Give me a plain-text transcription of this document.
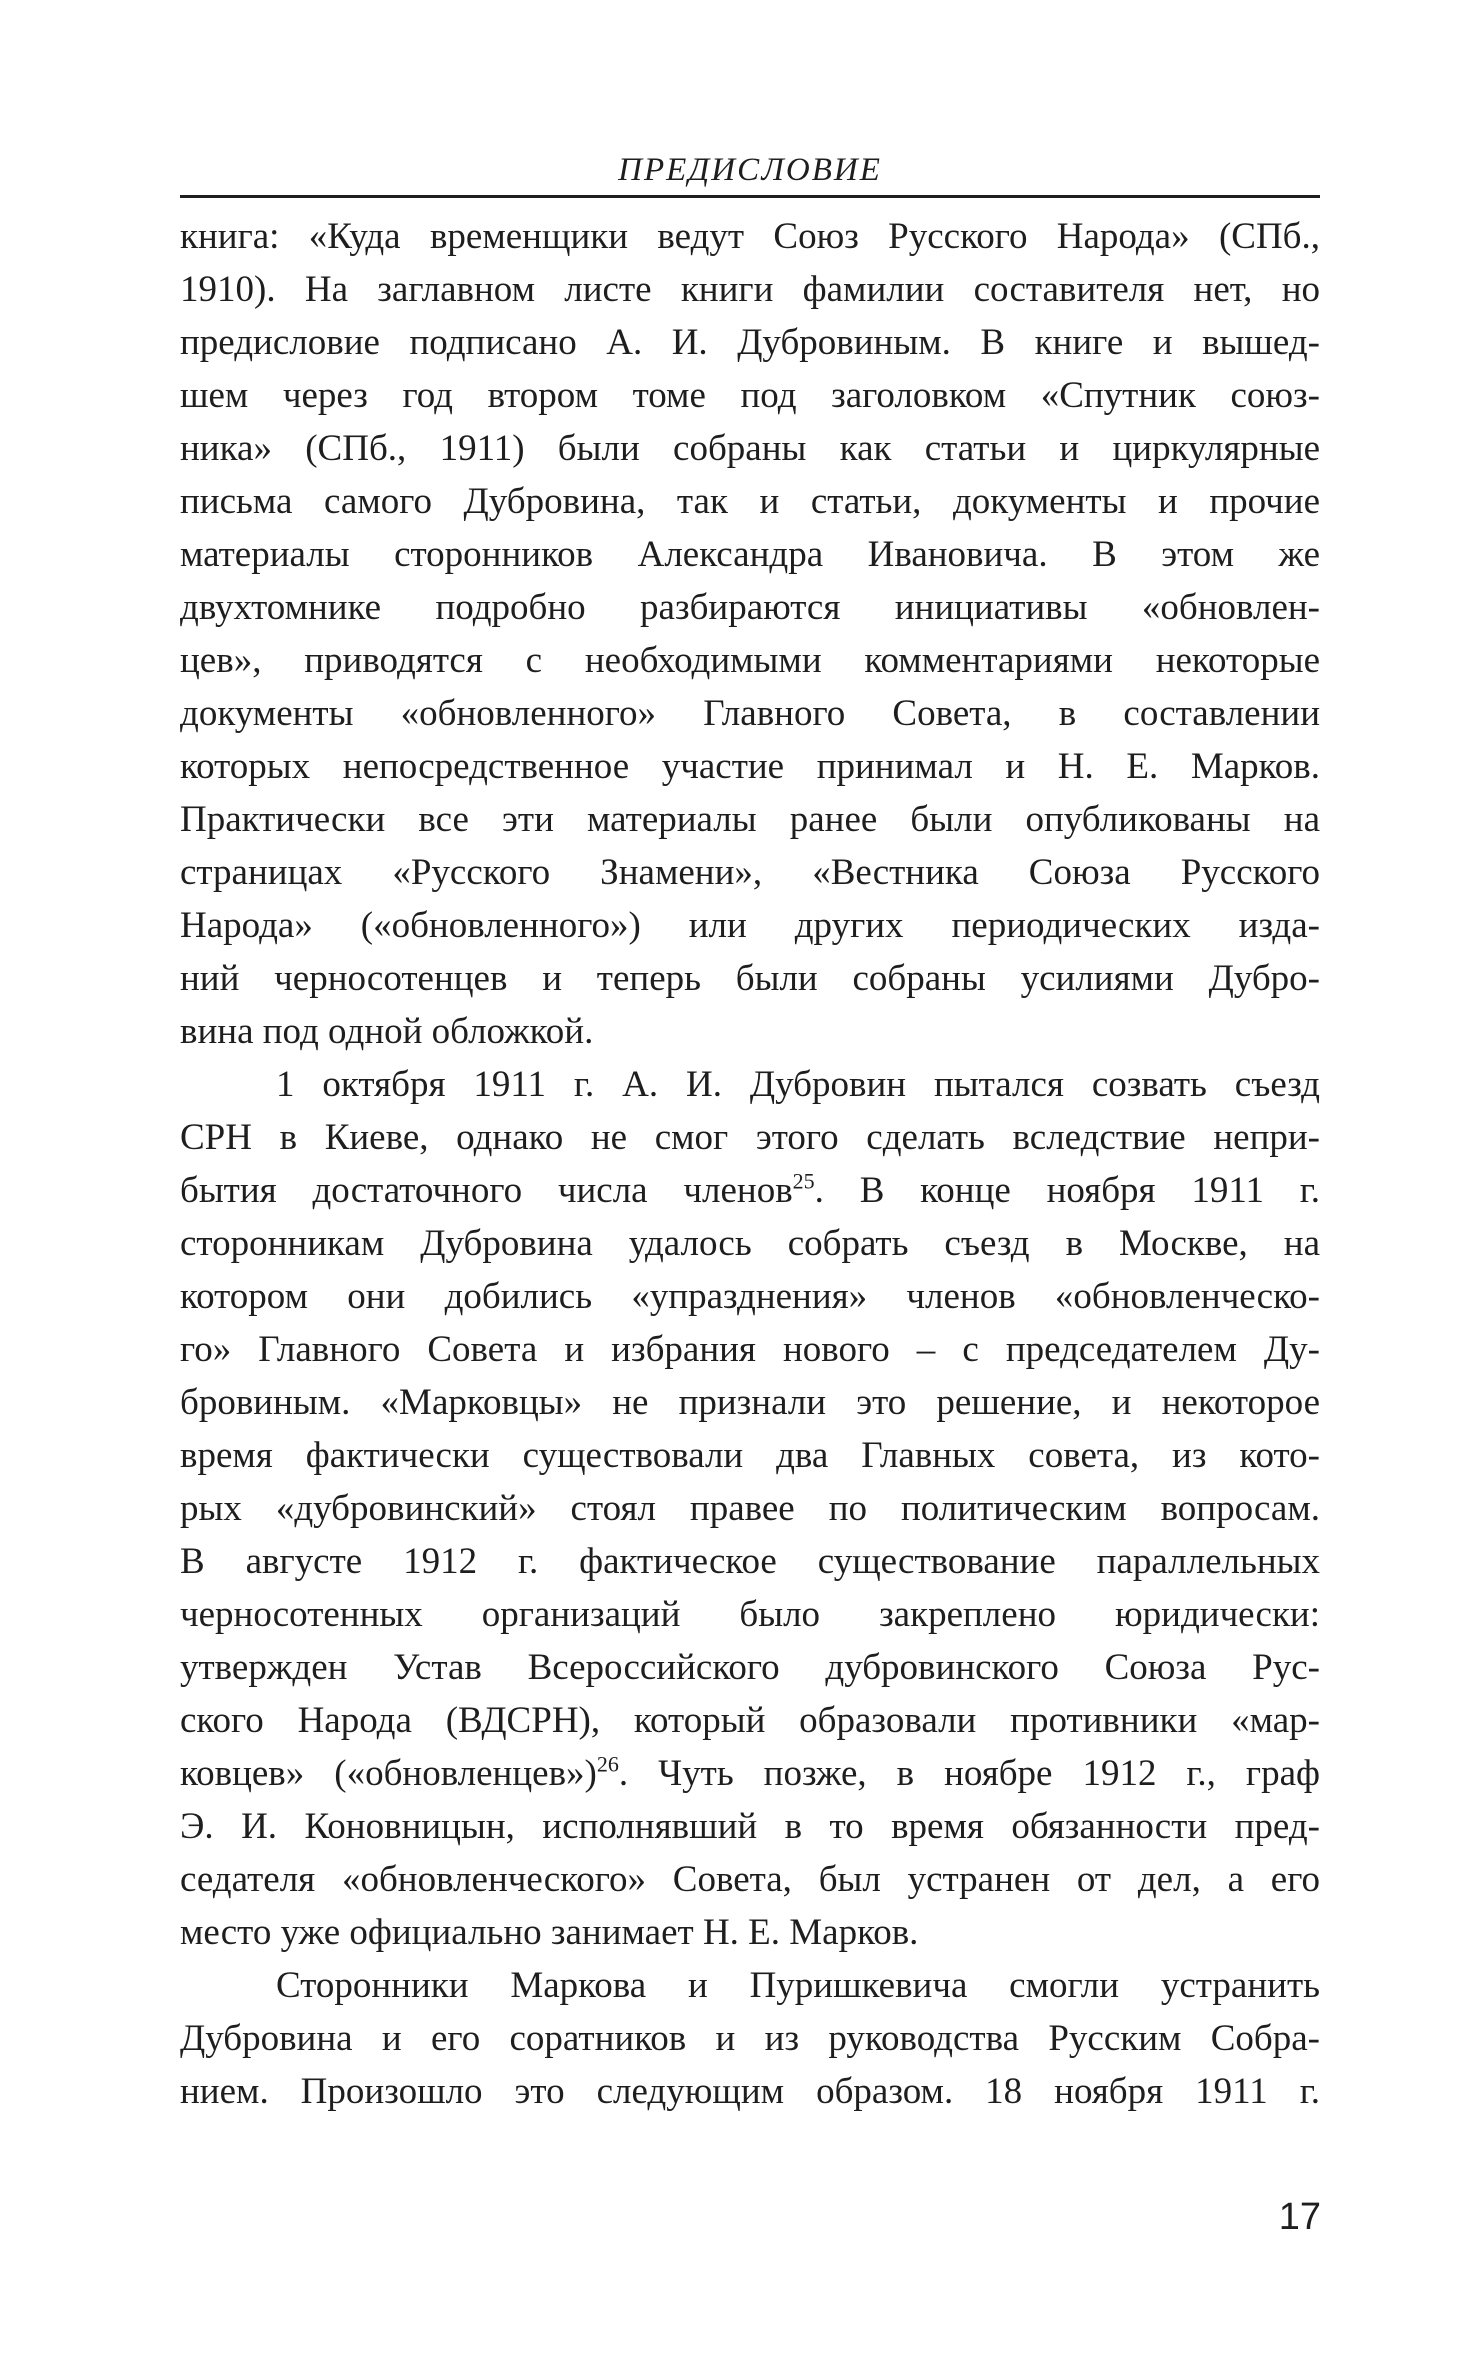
ПРЕДИСЛОВИЕ

книга: «Куда временщики ведут Союз Русского Народа» (СПб.,
1910). На заглавном листе книги фамилии составителя нет, но
предисловие подписано А. И. Дубровиным. В книге и вышед-
шем через год втором томе под заголовком «Спутник союз-
ника» (СПб., 1911) были собраны как статьи и циркулярные
письма самого Дубровина, так и статьи, документы и прочие
материалы сторонников Александра Ивановича. В этом же
двухтомнике подробно разбираются инициативы «обновлен-
цев», приводятся с необходимыми комментариями некоторые
документы «обновленного» Главного Совета, в составлении
которых непосредственное участие принимал и Н. Е. Марков.
Практически все эти материалы ранее были опубликованы на
страницах «Русского Знамени», «Вестника Союза Русского
Народа» («обновленного») или других периодических изда-
ний черносотенцев и теперь были собраны усилиями Дубро-
вина под одной обложкой.

1 октября 1911 г. А. И. Дубровин пытался созвать съезд
СРН в Киеве, однако не смог этого сделать вследствие непри-
бытия достаточного числа членов$^{25}$. В конце ноября 1911 г.
сторонникам Дубровина удалось собрать съезд в Москве, на
котором они добились «упразднения» членов «обновленческо-
го» Главного Совета и избрания нового – с председателем Ду-
бровиным. «Марковцы» не признали это решение, и некоторое
время фактически существовали два Главных совета, из кото-
рых «дубровинский» стоял правее по политическим вопросам.
В августе 1912 г. фактическое существование параллельных
черносотенных организаций было закреплено юридически:
утвержден Устав Всероссийского дубровинского Союза Рус-
ского Народа (ВДСРН), который образовали противники «мар-
ковцев» («обновленцев»)$^{26}$. Чуть позже, в ноябре 1912 г., граф
Э. И. Коновницын, исполнявший в то время обязанности пред-
седателя «обновленческого» Совета, был устранен от дел, а его
место уже официально занимает Н. Е. Марков.

Сторонники Маркова и Пуришкевича смогли устранить
Дубровина и его соратников и из руководства Русским Собра-
нием. Произошло это следующим образом. 18 ноября 1911 г.

17
